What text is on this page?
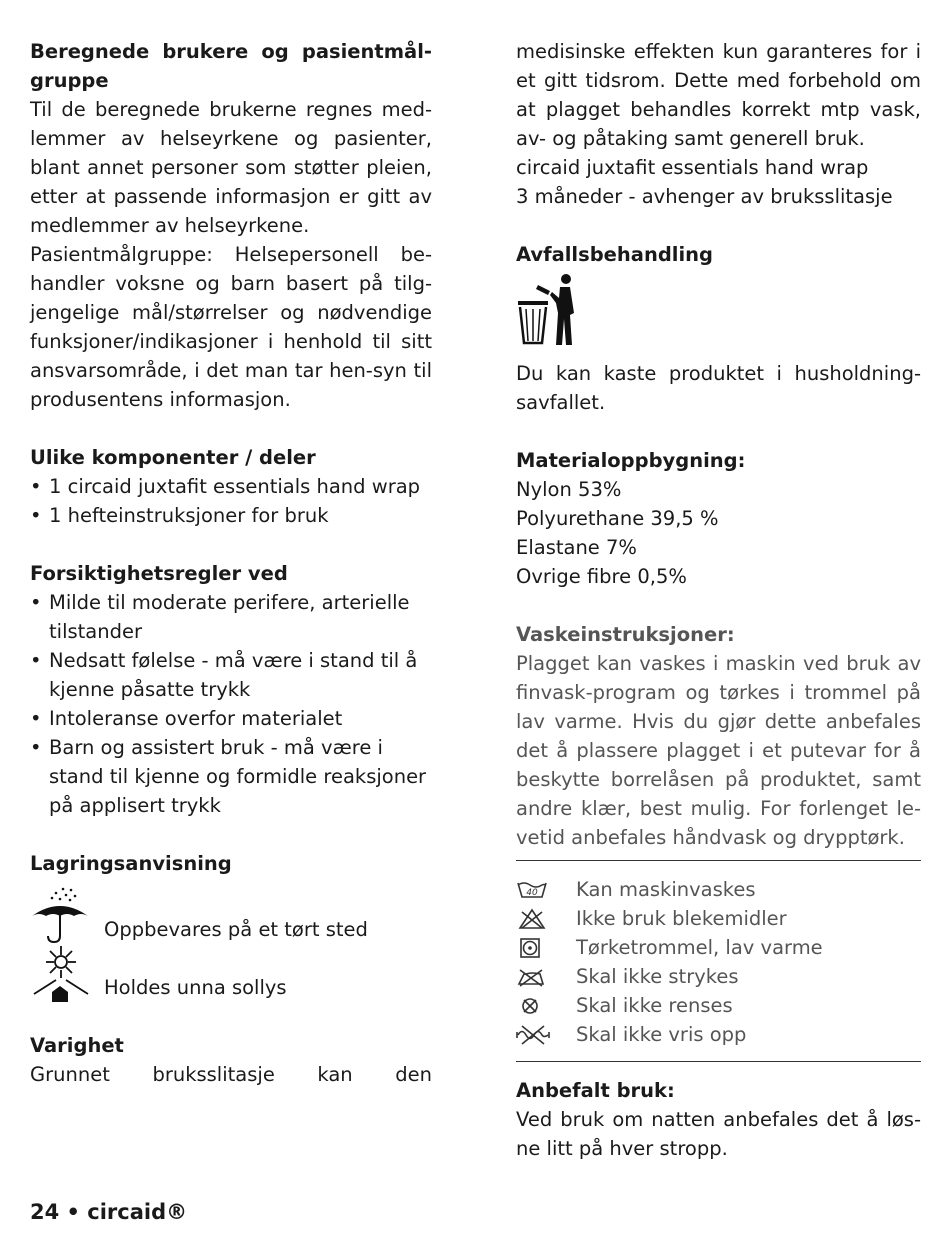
Beregnede brukere og pasientmål-
gruppe

Til de beregnede brukerne regnes med-lemmer av helseyrkene og pasienter, blant annet personer som støtter pleien, etter at passende informasjon er gitt av medlemmer av helseyrkene.

Pasientmålgruppe: Helsepersonell be-handler voksne og barn basert på tilg-jengelige mål/størrelser og nødvendige funksjoner/indikasjoner i henhold til sitt ansvarsområde, i det man tar hen-syn til produsentens informasjon.

Ulike komponenter / deler
• 1 circaid juxtafit essentials hand wrap
• 1 hefteinstruksjoner for bruk
Forsiktighetsregler ved
• Milde til moderate perifere, arterielle tilstander
• Nedsatt følelse - må være i stand til å kjenne påsatte trykk
• Intoleranse overfor materialet
• Barn og assistert bruk - må være i stand til kjenne og formidle reaksjoner på applisert trykk
Lagringsanvisning
Oppbevares på et tørt sted
Holdes unna sollys
Varighet

Grunnet bruksslitasje kan den

medisinske effekten kun garanteres for i et gitt tidsrom. Dette med forbehold om at plagget behandles korrekt mtp vask, av- og påtaking samt generell bruk.

circaid juxtafit essentials hand wrap

3 måneder - avhenger av bruksslitasje

Avfallsbehandling

Du kan kaste produktet i husholdning-savfallet.

Materialoppbygning:

Nylon 53%

Polyurethane 39,5 %

Elastane 7%

Ovrige fibre 0,5%

Vaskeinstruksjoner:

Plagget kan vaskes i maskin ved bruk av finvask-program og tørkes i trommel på lav varme. Hvis du gjør dette anbefales det å plassere plagget i et putevar for å beskytte borrelåsen på produktet, samt andre klær, best mulig. For forlenget le-vetid anbefales håndvask og drypptørk.

40 Kan maskinvaskes
Ikke bruk blekemidler
Tørketrommel, lav varme
Skal ikke strykes
Skal ikke renses
Skal ikke vris opp
Anbefalt bruk:

Ved bruk om natten anbefales det å løs-ne litt på hver stropp.

24 • circaid®
